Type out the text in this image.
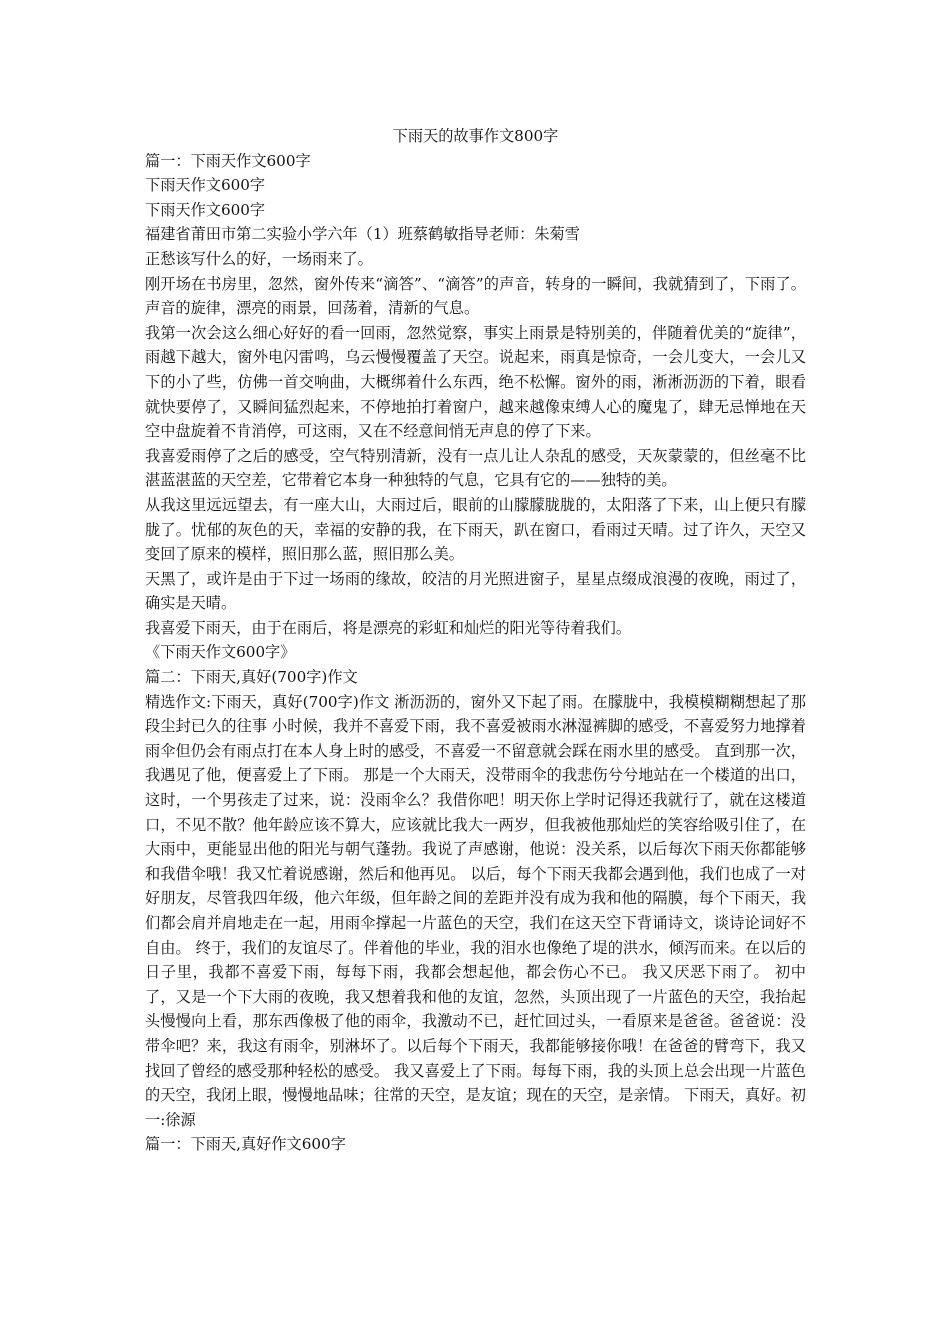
下雨天的故事作文800字

篇一：下雨天作文600字

下雨天作文600字

下雨天作文600字

福建省莆田市第二实验小学六年（1）班蔡鹤敏指导老师：朱菊雪

正愁该写什么的好，一场雨来了。

刚开场在书房里，忽然，窗外传来“滴答”、“滴答”的声音，转身的一瞬间，我就猜到了，下雨了。声音的旋律，漂亮的雨景，回荡着，清新的气息。

我第一次会这么细心好好的看一回雨，忽然觉察，事实上雨景是特别美的，伴随着优美的“旋律”，雨越下越大，窗外电闪雷鸣，乌云慢慢覆盖了天空。说起来，雨真是惊奇，一会儿变大，一会儿又下的小了些，仿佛一首交响曲，大概绑着什么东西，绝不松懈。窗外的雨，淅淅沥沥的下着，眼看就快要停了，又瞬间猛烈起来，不停地拍打着窗户，越来越像束缚人心的魔鬼了，肆无忌惮地在天空中盘旋着不肯消停，可这雨，又在不经意间悄无声息的停了下来。

我喜爱雨停了之后的感受，空气特别清新，没有一点儿让人杂乱的感受，天灰蒙蒙的，但丝毫不比湛蓝湛蓝的天空差，它带着它本身一种独特的气息，它具有它的——独特的美。

从我这里远远望去，有一座大山，大雨过后，眼前的山朦朦胧胧的，太阳落了下来，山上便只有朦胧了。忧郁的灰色的天，幸福的安静的我，在下雨天，趴在窗口，看雨过天晴。过了许久，天空又变回了原来的模样，照旧那么蓝，照旧那么美。

天黑了，或许是由于下过一场雨的缘故，皎洁的月光照进窗子，星星点缀成浪漫的夜晚，雨过了，确实是天晴。

我喜爱下雨天，由于在雨后，将是漂亮的彩虹和灿烂的阳光等待着我们。

《下雨天作文600字》

篇二：下雨天,真好(700字)作文

精选作文:下雨天，真好(700字)作文 淅沥沥的，窗外又下起了雨。在朦胧中，我模模糊糊想起了那段尘封已久的往事 小时候，我并不喜爱下雨，我不喜爱被雨水淋湿裤脚的感受，不喜爱努力地撑着雨伞但仍会有雨点打在本人身上时的感受，不喜爱一不留意就会踩在雨水里的感受。 直到那一次，我遇见了他，便喜爱上了下雨。 那是一个大雨天，没带雨伞的我悲伤兮兮地站在一个楼道的出口，这时，一个男孩走了过来，说：没雨伞么？我借你吧！明天你上学时记得还我就行了，就在这楼道口，不见不散？他年龄应该不算大，应该就比我大一两岁，但我被他那灿烂的笑容给吸引住了，在大雨中，更能显出他的阳光与朝气蓬勃。我说了声感谢，他说：没关系，以后每次下雨天你都能够和我借伞哦！我又忙着说感谢，然后和他再见。 以后，每个下雨天我都会遇到他，我们也成了一对好朋友，尽管我四年级，他六年级，但年龄之间的差距并没有成为我和他的隔膜，每个下雨天，我们都会肩并肩地走在一起，用雨伞撑起一片蓝色的天空，我们在这天空下背诵诗文，谈诗论词好不自由。 终于，我们的友谊尽了。伴着他的毕业，我的泪水也像绝了堤的洪水，倾泻而来。在以后的日子里，我都不喜爱下雨，每每下雨，我都会想起他，都会伤心不已。 我又厌恶下雨了。 初中了，又是一个下大雨的夜晚，我又想着我和他的友谊，忽然，头顶出现了一片蓝色的天空，我抬起头慢慢向上看，那东西像极了他的雨伞，我激动不已，赶忙回过头，一看原来是爸爸。爸爸说：没带伞吧？来，我这有雨伞，别淋坏了。以后每个下雨天，我都能够接你哦！在爸爸的臂弯下，我又找回了曾经的感受那种轻松的感受。 我又喜爱上了下雨。每每下雨，我的头顶上总会出现一片蓝色的天空，我闭上眼，慢慢地品味；往常的天空，是友谊；现在的天空，是亲情。 下雨天，真好。初一:徐源

篇一：下雨天,真好作文600字
